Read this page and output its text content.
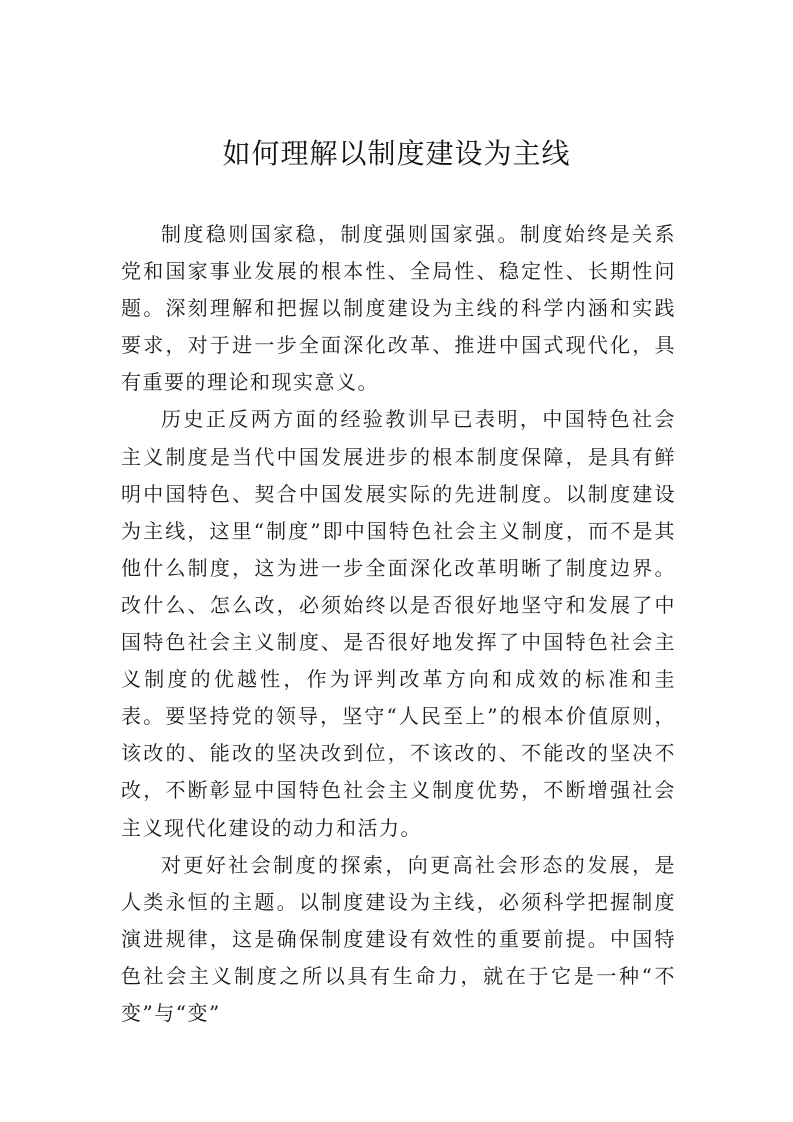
如何理解以制度建设为主线

制度稳则国家稳，制度强则国家强。制度始终是关系党和国家事业发展的根本性、全局性、稳定性、长期性问题。深刻理解和把握以制度建设为主线的科学内涵和实践要求，对于进一步全面深化改革、推进中国式现代化，具有重要的理论和现实意义。

历史正反两方面的经验教训早已表明，中国特色社会主义制度是当代中国发展进步的根本制度保障，是具有鲜明中国特色、契合中国发展实际的先进制度。以制度建设为主线，这里“制度”即中国特色社会主义制度，而不是其他什么制度，这为进一步全面深化改革明晰了制度边界。改什么、怎么改，必须始终以是否很好地坚守和发展了中国特色社会主义制度、是否很好地发挥了中国特色社会主义制度的优越性，作为评判改革方向和成效的标准和圭表。要坚持党的领导，坚守“人民至上”的根本价值原则，该改的、能改的坚决改到位，不该改的、不能改的坚决不改，不断彰显中国特色社会主义制度优势，不断增强社会主义现代化建设的动力和活力。

对更好社会制度的探索，向更高社会形态的发展，是人类永恒的主题。以制度建设为主线，必须科学把握制度演进规律，这是确保制度建设有效性的重要前提。中国特色社会主义制度之所以具有生命力，就在于它是一种“不变”与“变”
